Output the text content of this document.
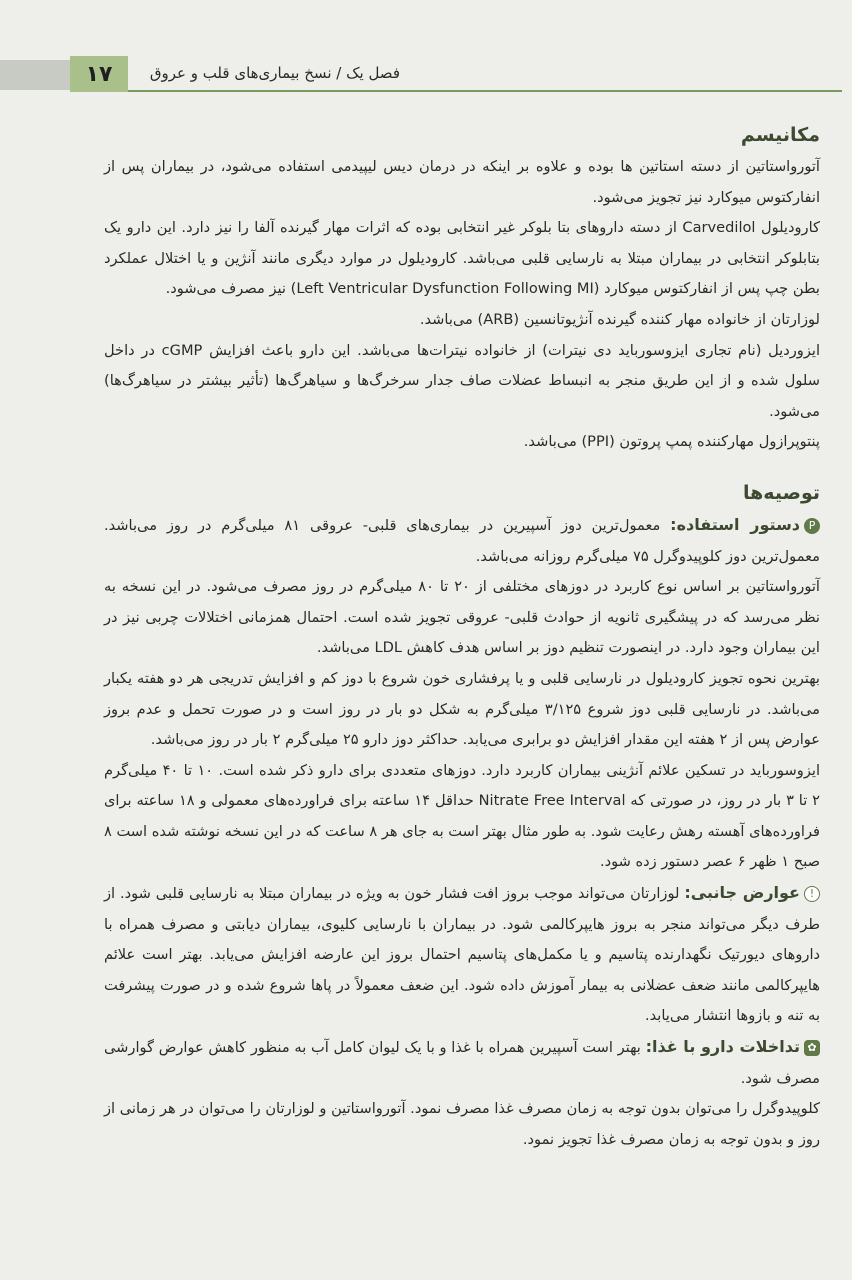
۱۷	فصل یک / نسخ بیماری‌های قلب و عروق
مکانیسم

آتورواستاتین از دسته استاتین ها بوده و علاوه بر اینکه در درمان دیس لیپیدمی استفاده می‌شود، در بیماران پس از انفارکتوس میوکارد نیز تجویز می‌شود.

کارودیلول Carvedilol از دسته داروهای بتا بلوکر غیر انتخابی بوده که اثرات مهار گیرنده آلفا را نیز دارد. این دارو یک بتابلوکر انتخابی در بیماران مبتلا به نارسایی قلبی می‌باشد. کارودیلول در موارد دیگری مانند آنژین و یا اختلال عملکرد بطن چپ پس از انفارکتوس میوکارد (Left Ventricular Dysfunction Following MI) نیز مصرف می‌شود.

لوزارتان از خانواده مهار کننده گیرنده آنژیوتانسین (ARB) می‌باشد.

ایزوردیل (نام تجاری ایزوسوربايد دی نیترات) از خانواده نیترات‌ها می‌باشد. این دارو باعث افزایش cGMP در داخل سلول شده و از این طریق منجر به انبساط عضلات صاف جدار سرخرگ‌ها و سیاهرگ‌ها (تأثیر بیشتر در سیاهرگ‌ها) می‌شود.

پنتوپرازول مهارکننده پمپ پروتون (PPI) می‌باشد.

توصیه‌ها

Pدستور استفاده: معمول‌ترین دوز آسپیرین در بیماری‌های قلبی- عروقی ۸۱ میلی‌گرم در روز می‌باشد. معمول‌ترین دوز کلوپیدوگرل ۷۵ میلی‌گرم روزانه می‌باشد.

آتورواستاتین بر اساس نوع کاربرد در دوزهای مختلفی از ۲۰ تا ۸۰ میلی‌گرم در روز مصرف می‌شود. در این نسخه به نظر می‌رسد که در پیشگیری ثانویه از حوادث قلبی- عروقی تجویز شده است. احتمال همزمانی اختلالات چربی نیز در این بیماران وجود دارد. در اینصورت تنظیم دوز بر اساس هدف کاهش LDL می‌باشد.

بهترین نحوه تجویز کارودیلول در نارسایی قلبی و یا پرفشاری خون شروع با دوز کم و افزایش تدریجی هر دو هفته یکبار می‌باشد. در نارسایی قلبی دوز شروع ۳/۱۲۵ میلی‌گرم به شکل دو بار در روز است و در صورت تحمل و عدم بروز عوارض پس از ۲ هفته این مقدار افزایش دو برابری می‌یابد. حداکثر دوز دارو ۲۵ میلی‌گرم ۲ بار در روز می‌باشد.

ایزوسوربايد در تسکین علائم آنژینی بیماران کاربرد دارد. دوزهای متعددی برای دارو ذکر شده است. ۱۰ تا ۴۰ میلی‌گرم ۲ تا ۳ بار در روز، در صورتی که Nitrate Free Interval حداقل ۱۴ ساعته برای فراورده‌های معمولی و ۱۸ ساعته برای فراورده‌های آهسته رهش رعایت شود. به طور مثال بهتر است به جای هر ۸ ساعت که در این نسخه نوشته شده است ۸ صبح ۱ ظهر ۶ عصر دستور زده شود.

!عوارض جانبی: لوزارتان می‌تواند موجب بروز افت فشار خون به ویژه در بیماران مبتلا به نارسایی قلبی شود. از طرف دیگر می‌تواند منجر به بروز هایپرکالمی شود. در بیماران با نارسایی کلیوی، بیماران دیابتی و مصرف همراه با داروهای دیورتیک نگهدارنده پتاسیم و یا مکمل‌های پتاسیم احتمال بروز این عارضه افزایش می‌یابد. بهتر است علائم هایپرکالمی مانند ضعف عضلانی به بیمار آموزش داده شود. این ضعف معمولاً در پاها شروع شده و در صورت پیشرفت به تنه و بازوها انتشار می‌یابد.

✿تداخلات دارو با غذا: بهتر است آسپیرین همراه با غذا و با یک لیوان کامل آب به منظور کاهش عوارض گوارشی مصرف شود.

کلوپیدوگرل را می‌توان بدون توجه به زمان مصرف غذا مصرف نمود. آتورواستاتین و لوزارتان را می‌توان در هر زمانی از روز و بدون توجه به زمان مصرف غذا تجویز نمود.
